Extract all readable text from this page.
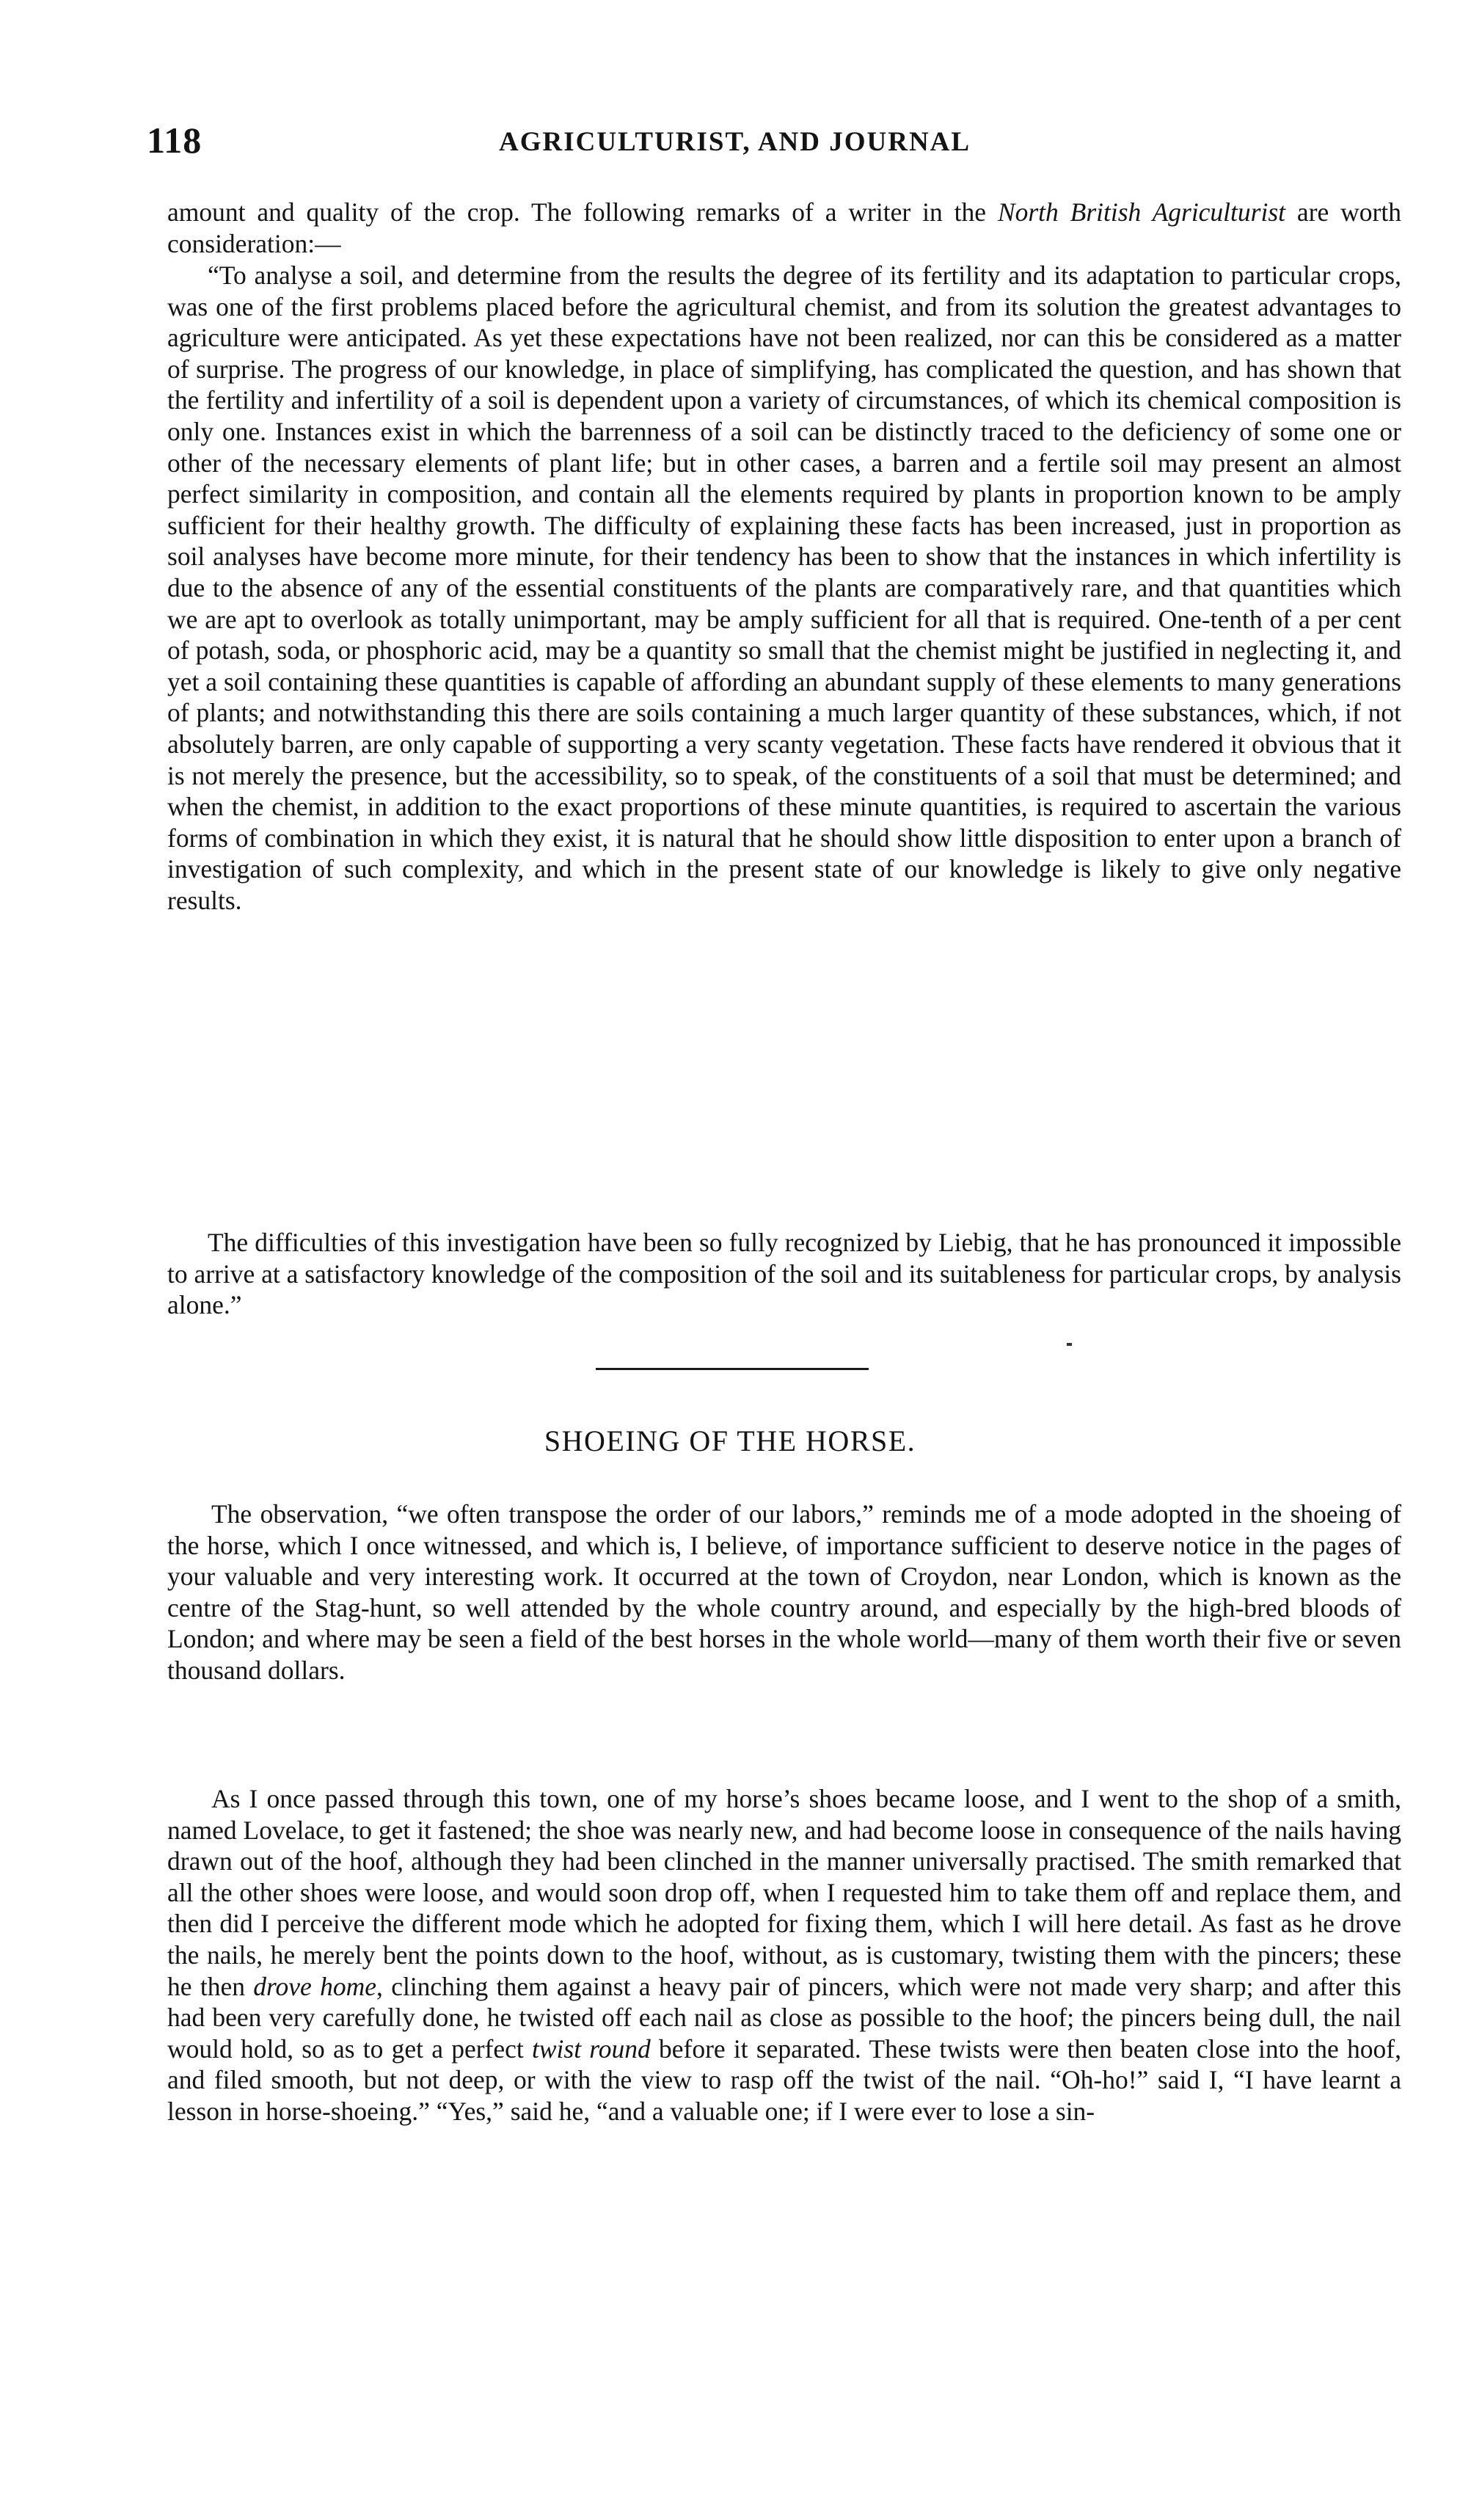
118	AGRICULTURIST, AND JOURNAL

amount and quality of the crop. The following remarks of a writer in the North British Agriculturist are worth consideration:—

“To analyse a soil, and determine from the results the degree of its fertility and its adaptation to particular crops, was one of the first problems placed before the agricultural chemist, and from its solution the greatest advantages to agriculture were anticipated. As yet these expectations have not been realized, nor can this be considered as a matter of surprise. The progress of our knowledge, in place of simplifying, has complicated the question, and has shown that the fertility and infertility of a soil is dependent upon a variety of circumstances, of which its chemical composition is only one. Instances exist in which the barrenness of a soil can be distinctly traced to the deficiency of some one or other of the necessary elements of plant life; but in other cases, a barren and a fertile soil may present an almost perfect similarity in composition, and contain all the elements required by plants in proportion known to be amply sufficient for their healthy growth. The difficulty of explaining these facts has been increased, just in proportion as soil analyses have become more minute, for their tendency has been to show that the instances in which infertility is due to the absence of any of the essential constituents of the plants are comparatively rare, and that quantities which we are apt to overlook as totally unimportant, may be amply sufficient for all that is required. One-tenth of a per cent of potash, soda, or phosphoric acid, may be a quantity so small that the chemist might be justified in neglecting it, and yet a soil containing these quantities is capable of affording an abundant supply of these elements to many generations of plants; and notwithstanding this there are soils containing a much larger quantity of these substances, which, if not absolutely barren, are only capable of supporting a very scanty vegetation. These facts have rendered it obvious that it is not merely the presence, but the accessibility, so to speak, of the constituents of a soil that must be determined; and when the chemist, in addition to the exact proportions of these minute quantities, is required to ascertain the various forms of combination in which they exist, it is natural that he should show little disposition to enter upon a branch of investigation of such complexity, and which in the present state of our knowledge is likely to give only negative results.

The difficulties of this investigation have been so fully recognized by Liebig, that he has pronounced it impossible to arrive at a satisfactory knowledge of the composition of the soil and its suitableness for particular crops, by analysis alone.”

SHOEING OF THE HORSE.

The observation, “we often transpose the order of our labors,” reminds me of a mode adopted in the shoeing of the horse, which I once witnessed, and which is, I believe, of importance sufficient to deserve notice in the pages of your valuable and very interesting work. It occurred at the town of Croydon, near London, which is known as the centre of the Stag-hunt, so well attended by the whole country around, and especially by the high-bred bloods of London; and where may be seen a field of the best horses in the whole world—many of them worth their five or seven thousand dollars.

As I once passed through this town, one of my horse’s shoes became loose, and I went to the shop of a smith, named Lovelace, to get it fastened; the shoe was nearly new, and had become loose in consequence of the nails having drawn out of the hoof, although they had been clinched in the manner universally practised. The smith remarked that all the other shoes were loose, and would soon drop off, when I requested him to take them off and replace them, and then did I perceive the different mode which he adopted for fixing them, which I will here detail. As fast as he drove the nails, he merely bent the points down to the hoof, without, as is customary, twisting them with the pincers; these he then drove home, clinching them against a heavy pair of pincers, which were not made very sharp; and after this had been very carefully done, he twisted off each nail as close as possible to the hoof; the pincers being dull, the nail would hold, so as to get a perfect twist round before it separated. These twists were then beaten close into the hoof, and filed smooth, but not deep, or with the view to rasp off the twist of the nail. “Oh-ho!” said I, “I have learnt a lesson in horse-shoeing.” “Yes,” said he, “and a valuable one; if I were ever to lose a sin-
